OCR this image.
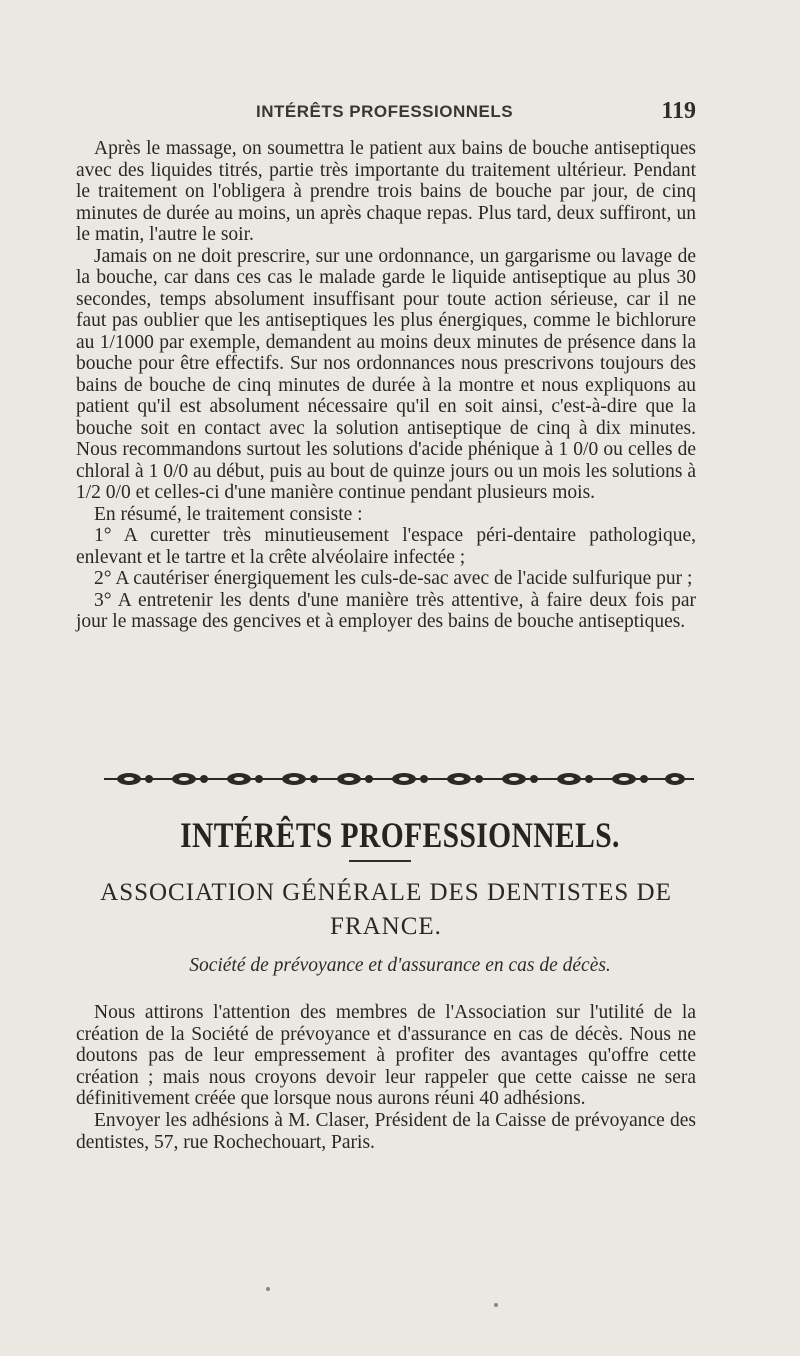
INTÉRÊTS PROFESSIONNELS	119

Après le massage, on soumettra le patient aux bains de bouche antiseptiques avec des liquides titrés, partie très importante du traitement ultérieur. Pendant le traitement on l'obligera à prendre trois bains de bouche par jour, de cinq minutes de durée au moins, un après chaque repas. Plus tard, deux suffiront, un le matin, l'autre le soir.

Jamais on ne doit prescrire, sur une ordonnance, un gargarisme ou lavage de la bouche, car dans ces cas le malade garde le liquide antiseptique au plus 30 secondes, temps absolument insuffisant pour toute action sérieuse, car il ne faut pas oublier que les antiseptiques les plus énergiques, comme le bichlorure au 1/1000 par exemple, demandent au moins deux minutes de présence dans la bouche pour être effectifs. Sur nos ordonnances nous prescrivons toujours des bains de bouche de cinq minutes de durée à la montre et nous expliquons au patient qu'il est absolument nécessaire qu'il en soit ainsi, c'est-à-dire que la bouche soit en contact avec la solution antiseptique de cinq à dix minutes. Nous recommandons surtout les solutions d'acide phénique à 1 0/0 ou celles de chloral à 1 0/0 au début, puis au bout de quinze jours ou un mois les solutions à 1/2 0/0 et celles-ci d'une manière continue pendant plusieurs mois.

En résumé, le traitement consiste :

1° A curetter très minutieusement l'espace péri-dentaire pathologique, enlevant et le tartre et la crête alvéolaire infectée ;

2° A cautériser énergiquement les culs-de-sac avec de l'acide sulfurique pur ;

3° A entretenir les dents d'une manière très attentive, à faire deux fois par jour le massage des gencives et à employer des bains de bouche antiseptiques.

INTÉRÊTS PROFESSIONNELS.
ASSOCIATION GÉNÉRALE DES DENTISTES DE FRANCE.
Société de prévoyance et d'assurance en cas de décès.

Nous attirons l'attention des membres de l'Association sur l'utilité de la création de la Société de prévoyance et d'assurance en cas de décès. Nous ne doutons pas de leur empressement à profiter des avantages qu'offre cette création ; mais nous croyons devoir leur rappeler que cette caisse ne sera définitivement créée que lorsque nous aurons réuni 40 adhésions.

Envoyer les adhésions à M. Claser, Président de la Caisse de prévoyance des dentistes, 57, rue Rochechouart, Paris.
